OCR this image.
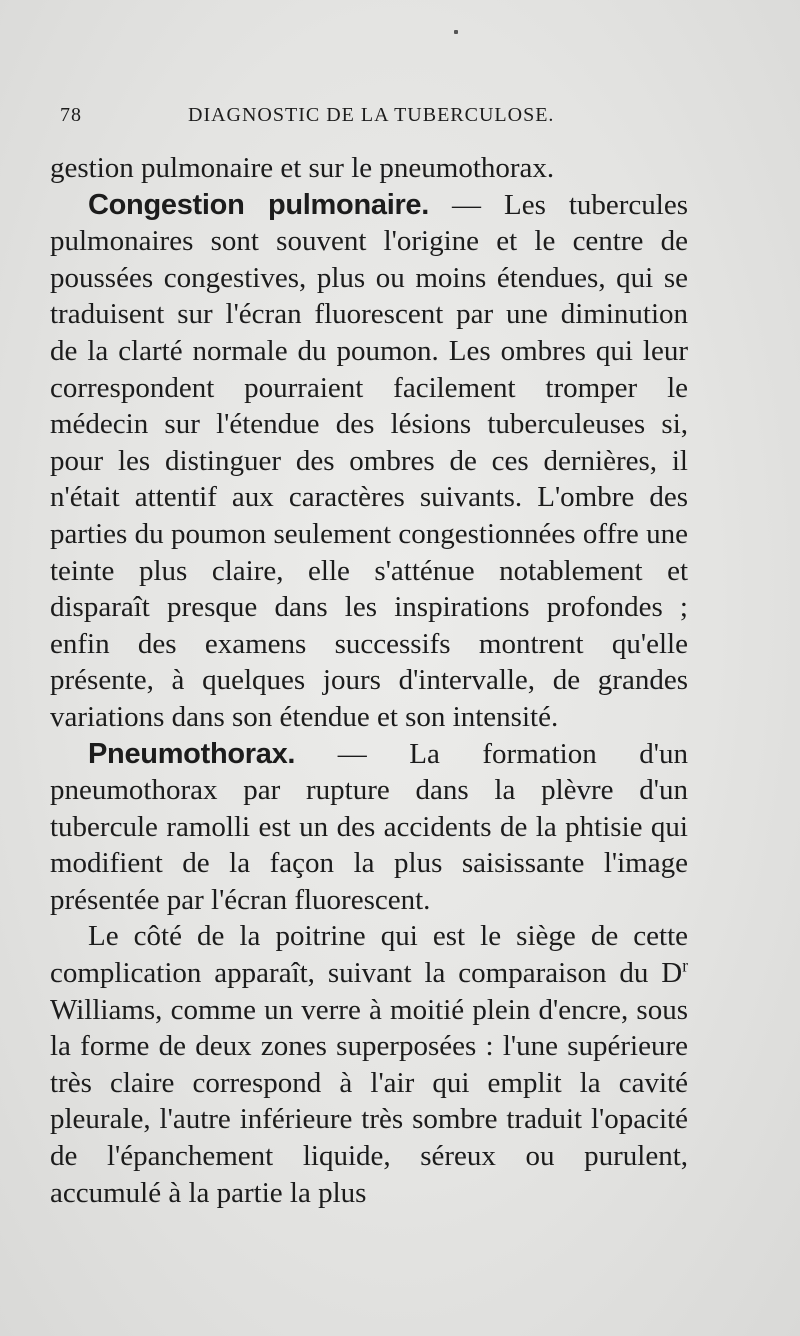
78	DIAGNOSTIC DE LA TUBERCULOSE.

gestion pulmonaire et sur le pneumothorax.

Congestion pulmonaire. — Les tubercules pulmonaires sont souvent l'origine et le centre de poussées congestives, plus ou moins étendues, qui se traduisent sur l'écran fluorescent par une diminution de la clarté normale du poumon. Les ombres qui leur correspondent pourraient facilement tromper le médecin sur l'étendue des lésions tuberculeuses si, pour les distinguer des ombres de ces dernières, il n'était attentif aux caractères suivants. L'ombre des parties du poumon seulement congestionnées offre une teinte plus claire, elle s'atténue notablement et disparaît presque dans les inspirations profondes ; enfin des examens successifs montrent qu'elle présente, à quelques jours d'intervalle, de grandes variations dans son étendue et son intensité.

Pneumothorax. — La formation d'un pneumothorax par rupture dans la plèvre d'un tubercule ramolli est un des accidents de la phtisie qui modifient de la façon la plus saisissante l'image présentée par l'écran fluorescent.

Le côté de la poitrine qui est le siège de cette complication apparaît, suivant la comparaison du $D^r$ Williams, comme un verre à moitié plein d'encre, sous la forme de deux zones superposées : l'une supérieure très claire correspond à l'air qui emplit la cavité pleurale, l'autre inférieure très sombre traduit l'opacité de l'épanchement liquide, séreux ou purulent, accumulé à la partie la plus
